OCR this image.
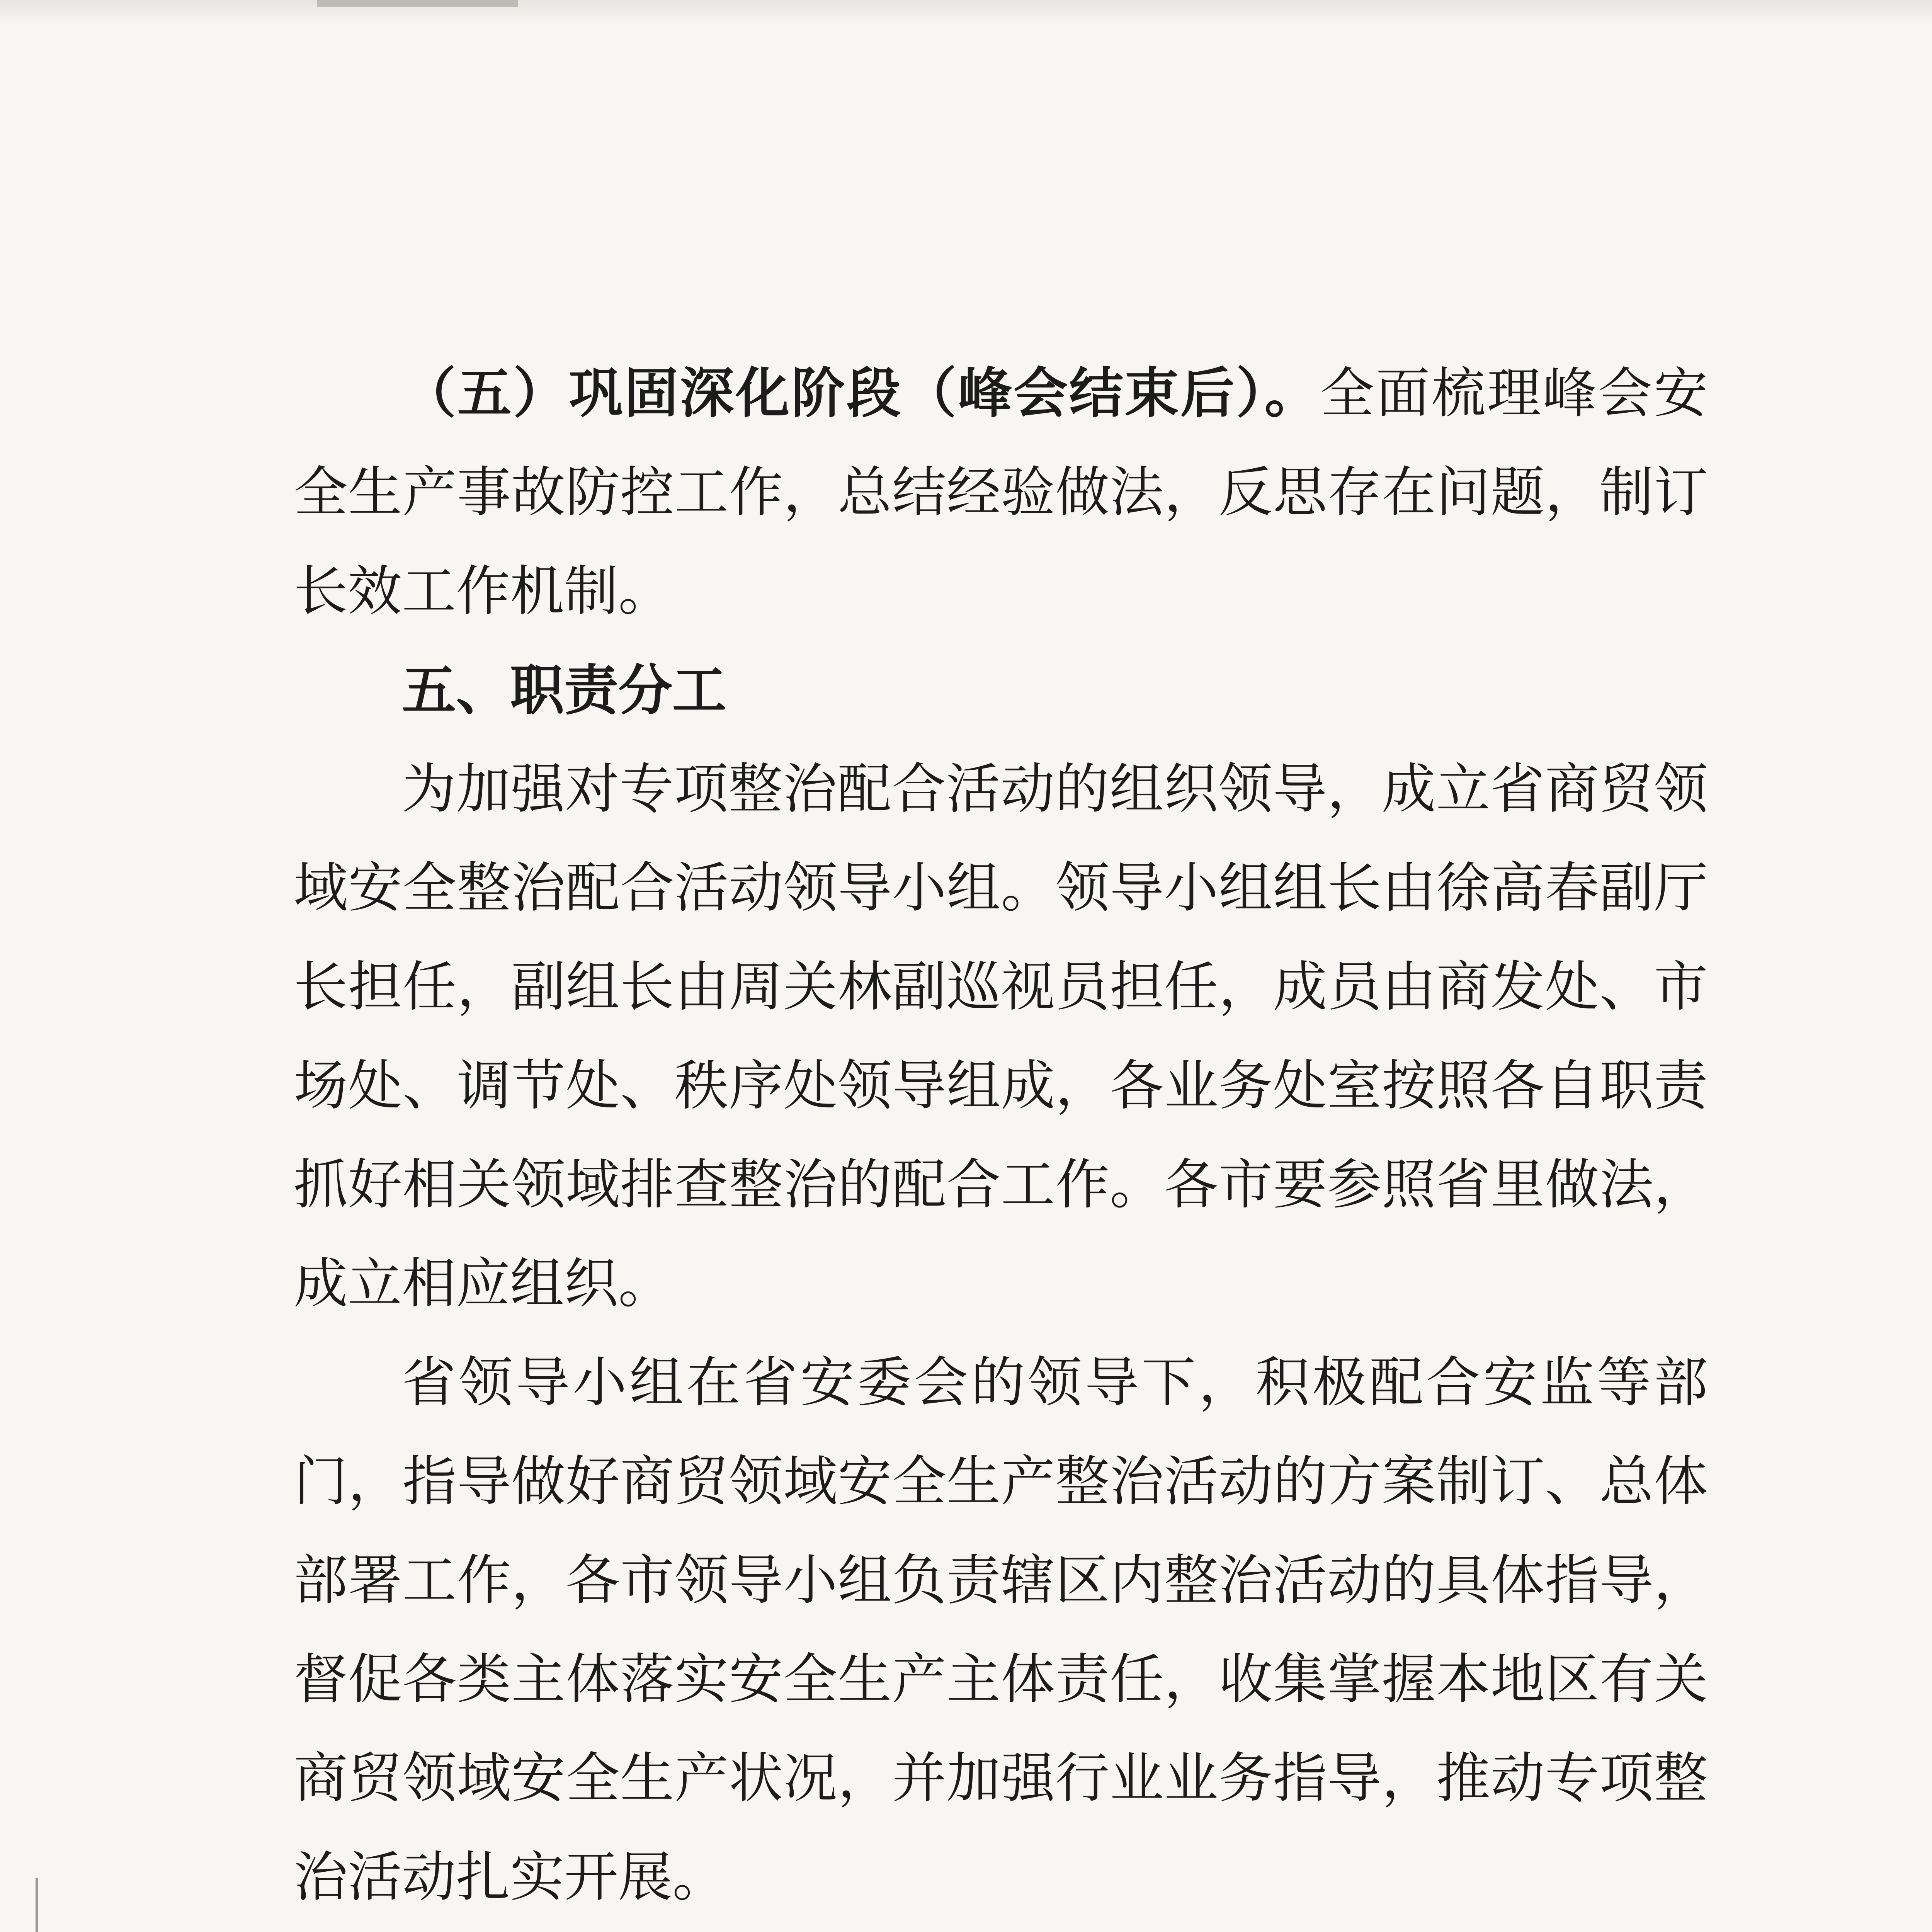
（五）巩固深化阶段（峰会结束后）。全面梳理峰会安全生产事故防控工作，总结经验做法，反思存在问题，制订长效工作机制。

五、职责分工

为加强对专项整治配合活动的组织领导，成立省商贸领域安全整治配合活动领导小组。领导小组组长由徐高春副厅长担任，副组长由周关林副巡视员担任，成员由商发处、市场处、调节处、秩序处领导组成，各业务处室按照各自职责抓好相关领域排查整治的配合工作。各市要参照省里做法，成立相应组织。

省领导小组在省安委会的领导下，积极配合安监等部门，指导做好商贸领域安全生产整治活动的方案制订、总体部署工作，各市领导小组负责辖区内整治活动的具体指导，督促各类主体落实安全生产主体责任，收集掌握本地区有关商贸领域安全生产状况，并加强行业业务指导，推动专项整治活动扎实开展。
